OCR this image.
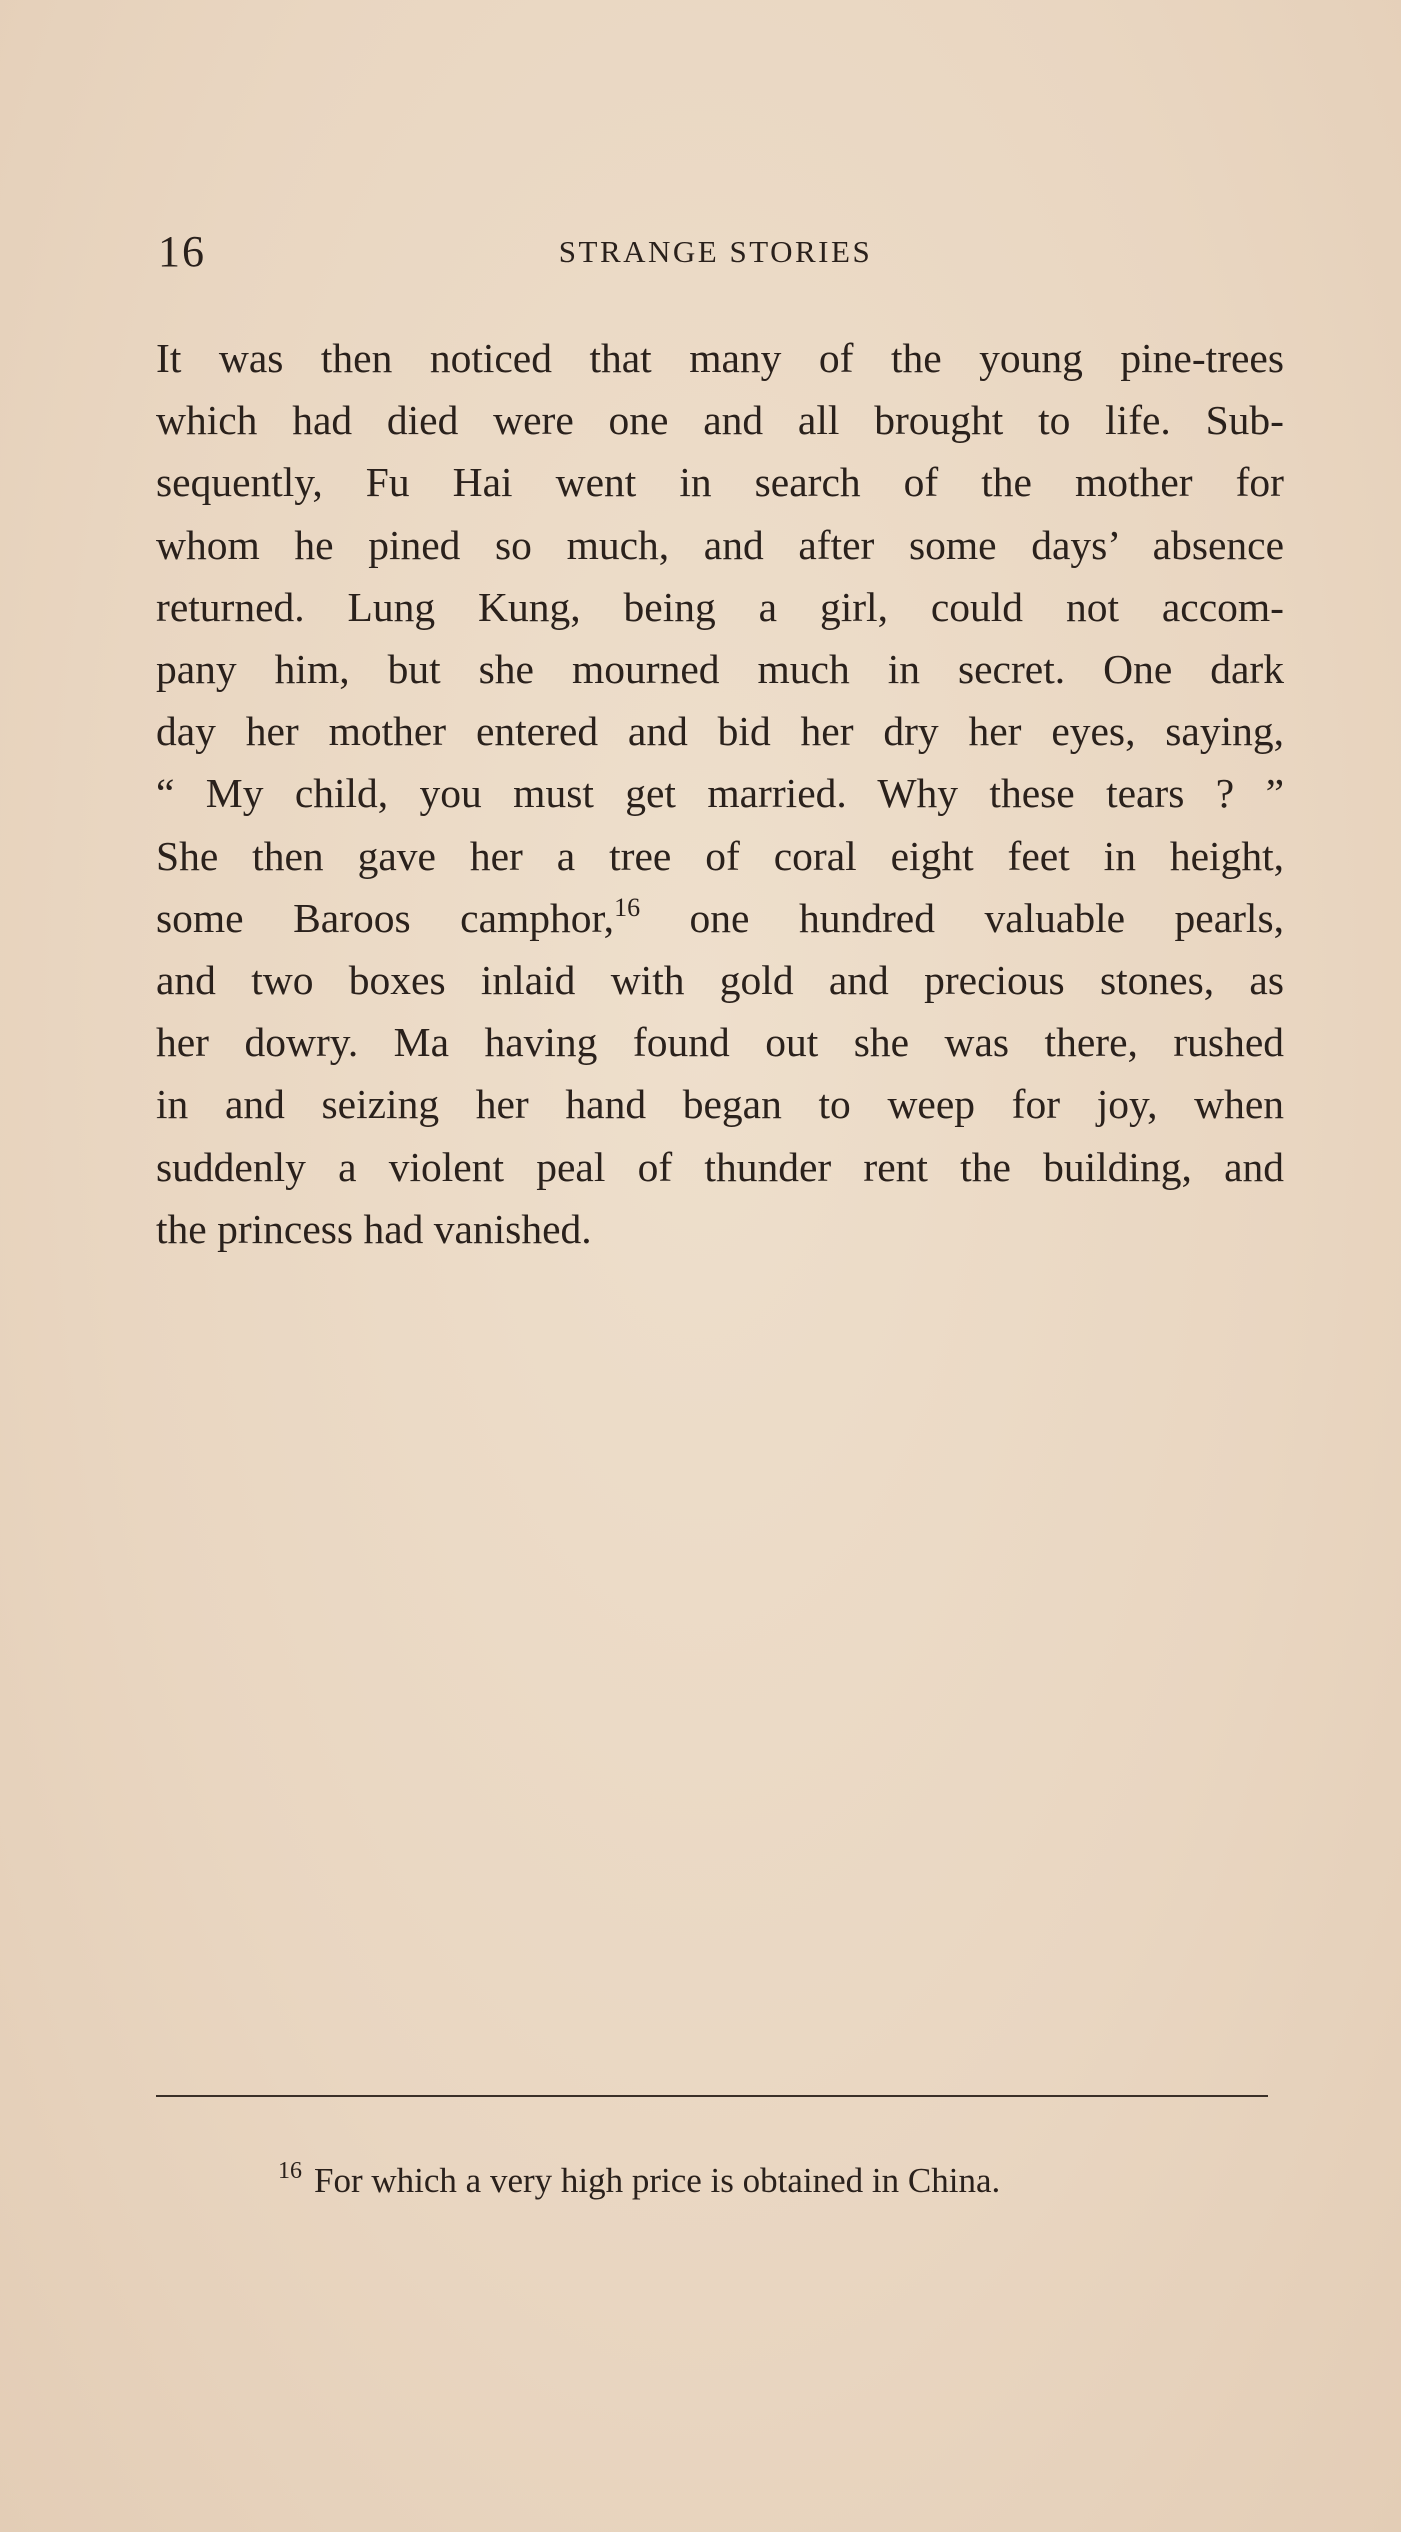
16	STRANGE STORIES
It was then noticed that many of the young pine-trees
which had died were one and all brought to life. Sub-
sequently, Fu Hai went in search of the mother for
whom he pined so much, and after some days’ absence
returned. Lung Kung, being a girl, could not accom-
pany him, but she mourned much in secret. One dark
day her mother entered and bid her dry her eyes, saying,
“ My child, you must get married. Why these tears ? ”
She then gave her a tree of coral eight feet in height,
some Baroos camphor,$^{16}$ one hundred valuable pearls,
and two boxes inlaid with gold and precious stones, as
her dowry. Ma having found out she was there, rushed
in and seizing her hand began to weep for joy, when
suddenly a violent peal of thunder rent the building, and
the princess had vanished.
$^{16}$ For which a very high price is obtained in China.
